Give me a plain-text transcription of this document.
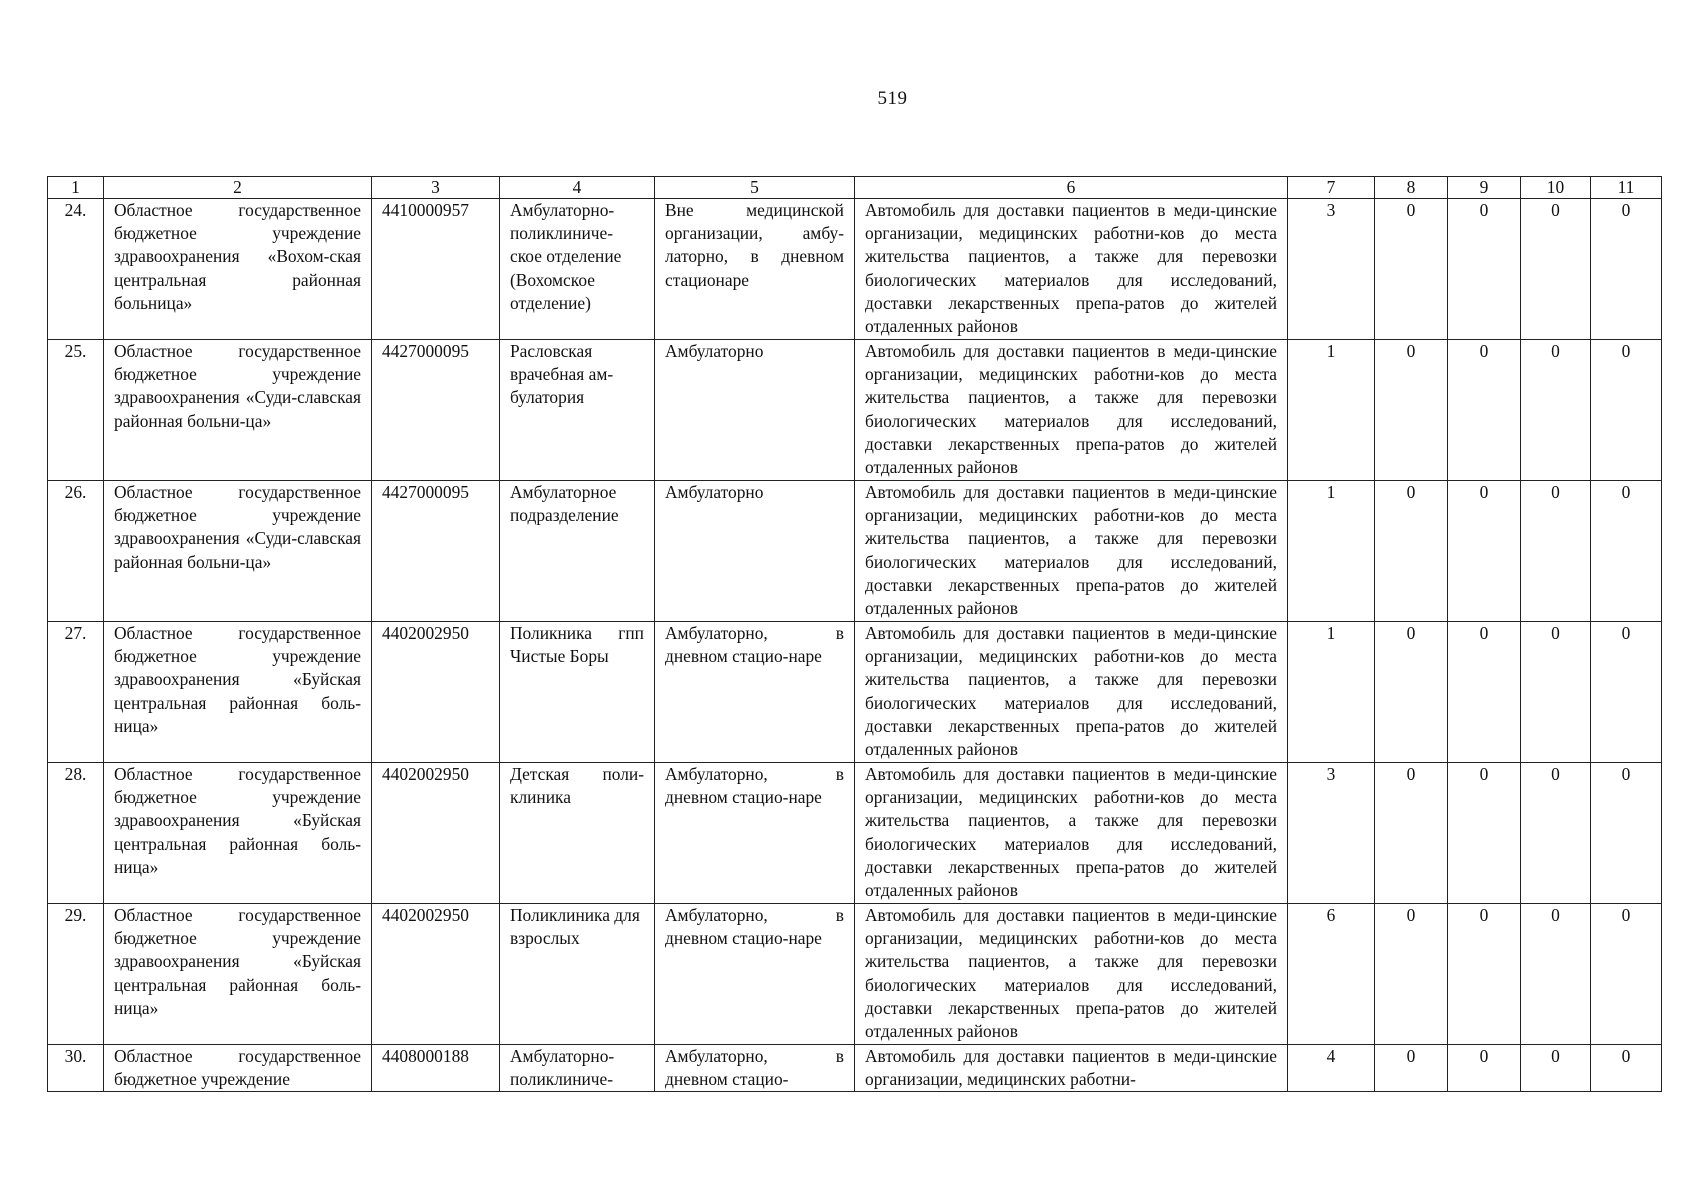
519
1	2	3	4	5	6	7	8	9	10	11
24.	Областное государственное бюджетное учреждение здравоохранения «Вохом-ская центральная районная больница»	4410000957	Амбулаторно-поликлиниче-ское отделение (Вохомское отделение)	Вне медицинской организации, амбу-латорно, в дневном стационаре	Автомобиль для доставки пациентов в меди-цинские организации, медицинских работни-ков до места жительства пациентов, а также для перевозки биологических материалов для исследований, доставки лекарственных препа-ратов до жителей отдаленных районов	3	0	0	0	0
25.	Областное государственное бюджетное учреждение здравоохранения «Суди-славская районная больни-ца»	4427000095	Расловская врачебная ам-булатория	Амбулаторно	Автомобиль для доставки пациентов в меди-цинские организации, медицинских работни-ков до места жительства пациентов, а также для перевозки биологических материалов для исследований, доставки лекарственных препа-ратов до жителей отдаленных районов	1	0	0	0	0
26.	Областное государственное бюджетное учреждение здравоохранения «Суди-славская районная больни-ца»	4427000095	Амбулаторное подразделение	Амбулаторно	Автомобиль для доставки пациентов в меди-цинские организации, медицинских работни-ков до места жительства пациентов, а также для перевозки биологических материалов для исследований, доставки лекарственных препа-ратов до жителей отдаленных районов	1	0	0	0	0
27.	Областное государственное бюджетное учреждение здравоохранения «Буйская центральная районная боль-ница»	4402002950	Поликника гпп Чистые Боры	Амбулаторно, в дневном стацио-наре	Автомобиль для доставки пациентов в меди-цинские организации, медицинских работни-ков до места жительства пациентов, а также для перевозки биологических материалов для исследований, доставки лекарственных препа-ратов до жителей отдаленных районов	1	0	0	0	0
28.	Областное государственное бюджетное учреждение здравоохранения «Буйская центральная районная боль-ница»	4402002950	Детская поли-клиника	Амбулаторно, в дневном стацио-наре	Автомобиль для доставки пациентов в меди-цинские организации, медицинских работни-ков до места жительства пациентов, а также для перевозки биологических материалов для исследований, доставки лекарственных препа-ратов до жителей отдаленных районов	3	0	0	0	0
29.	Областное государственное бюджетное учреждение здравоохранения «Буйская центральная районная боль-ница»	4402002950	Поликлиника для взрослых	Амбулаторно, в дневном стацио-наре	Автомобиль для доставки пациентов в меди-цинские организации, медицинских работни-ков до места жительства пациентов, а также для перевозки биологических материалов для исследований, доставки лекарственных препа-ратов до жителей отдаленных районов	6	0	0	0	0
30.	Областное государственное бюджетное учреждение	4408000188	Амбулаторно-поликлиниче-	Амбулаторно, в дневном стацио-	Автомобиль для доставки пациентов в меди-цинские организации, медицинских работни-	4	0	0	0	0
